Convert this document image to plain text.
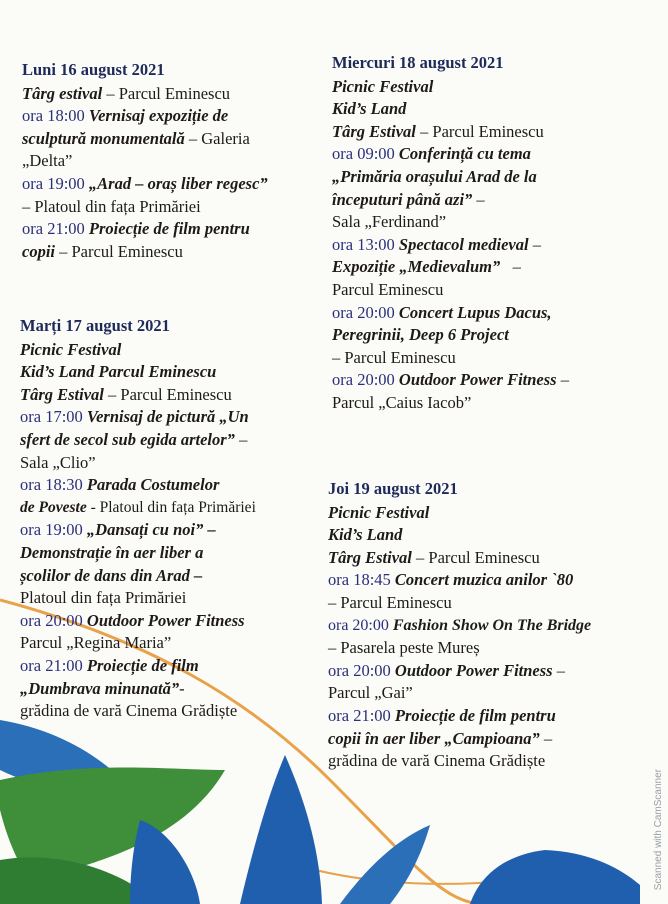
Luni 16 august 2021
Târg estival – Parcul Eminescu
ora 18:00 Vernisaj expoziție de
sculptură monumentală – Galeria
„Delta”
ora 19:00 „Arad – oraș liber regesc”
– Platoul din fața Primăriei
ora 21:00 Proiecție de film pentru
copii – Parcul Eminescu
Marți 17 august 2021
Picnic Festival
Kid’s Land Parcul Eminescu
Târg Estival – Parcul Eminescu
ora 17:00 Vernisaj de pictură „Un
sfert de secol sub egida artelor” –
Sala „Clio”
ora 18:30 Parada Costumelor
de Poveste - Platoul din fața Primăriei
ora 19:00 „Dansați cu noi” –
Demonstrație în aer liber a
școlilor de dans din Arad –
Platoul din fața Primăriei
ora 20:00 Outdoor Power Fitness
Parcul „Regina Maria”
ora 21:00 Proiecție de film
„Dumbrava minunată”-
grădina de vară Cinema Grădiște
Miercuri 18 august 2021
Picnic Festival
Kid’s Land
Târg Estival – Parcul Eminescu
ora 09:00 Conferință cu tema
„Primăria orașului Arad de la
începuturi până azi” –
Sala „Ferdinand”
ora 13:00 Spectacol medieval –
Expoziție „Medievalum”   –
Parcul Eminescu
ora 20:00 Concert Lupus Dacus,
Peregrinii, Deep 6 Project
– Parcul Eminescu
ora 20:00 Outdoor Power Fitness –
Parcul „Caius Iacob”
Joi 19 august 2021
Picnic Festival
Kid’s Land
Târg Estival – Parcul Eminescu
ora 18:45 Concert muzica anilor `80
– Parcul Eminescu
ora 20:00 Fashion Show On The Bridge
– Pasarela peste Mureș
ora 20:00 Outdoor Power Fitness –
Parcul „Gai”
ora 21:00 Proiecție de film pentru
copii în aer liber „Campioana” –
grădina de vară Cinema Grădiște
Scanned with CamScanner
